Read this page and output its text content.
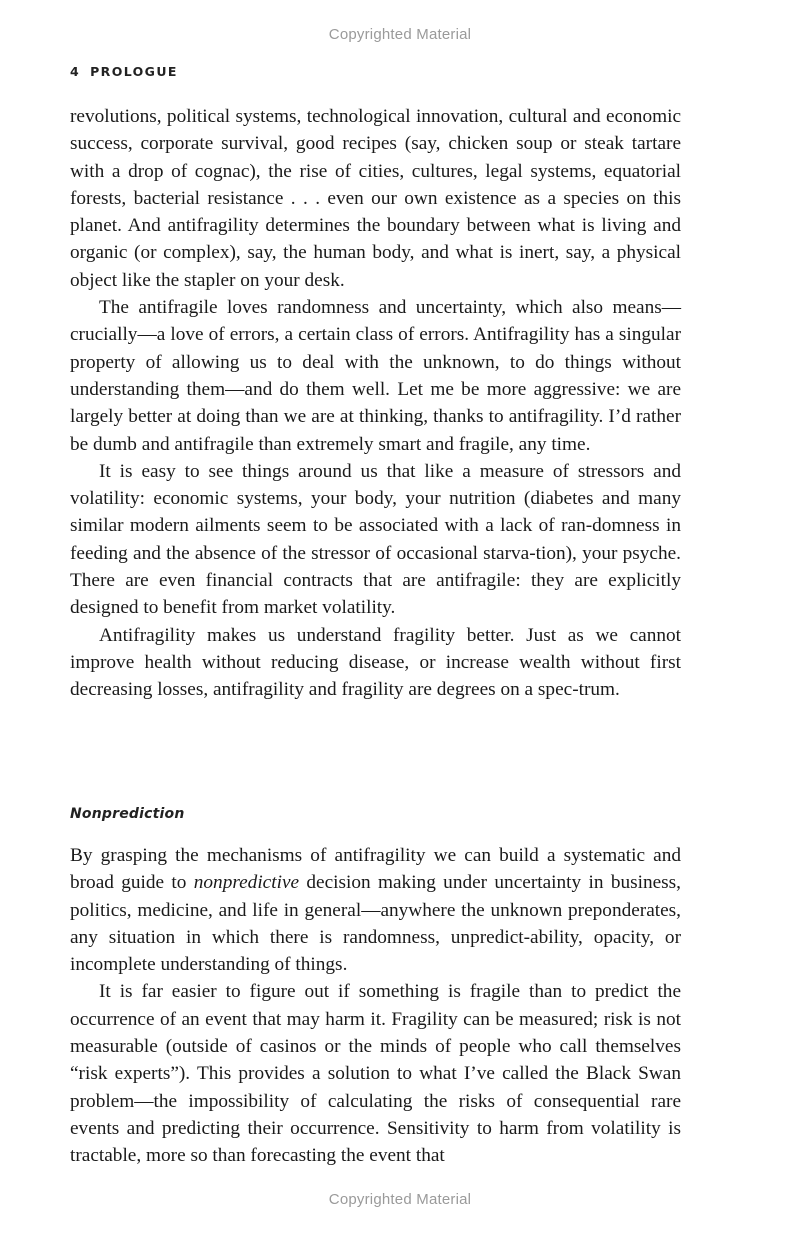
Copyrighted Material
4 PROLOGUE

revolutions, political systems, technological innovation, cultural and economic success, corporate survival, good recipes (say, chicken soup or steak tartare with a drop of cognac), the rise of cities, cultures, legal systems, equatorial forests, bacterial resistance . . . even our own existence as a species on this planet. And antifragility determines the boundary between what is living and organic (or complex), say, the human body, and what is inert, say, a physical object like the stapler on your desk.

The antifragile loves randomness and uncertainty, which also means—crucially—a love of errors, a certain class of errors. Antifragility has a singular property of allowing us to deal with the unknown, to do things without understanding them—and do them well. Let me be more aggressive: we are largely better at doing than we are at thinking, thanks to antifragility. I’d rather be dumb and antifragile than extremely smart and fragile, any time.

It is easy to see things around us that like a measure of stressors and volatility: economic systems, your body, your nutrition (diabetes and many similar modern ailments seem to be associated with a lack of ran-domness in feeding and the absence of the stressor of occasional starva-tion), your psyche. There are even financial contracts that are antifragile: they are explicitly designed to benefit from market volatility.

Antifragility makes us understand fragility better. Just as we cannot improve health without reducing disease, or increase wealth without first decreasing losses, antifragility and fragility are degrees on a spec-trum.

Nonprediction

By grasping the mechanisms of antifragility we can build a systematic and broad guide to nonpredictive decision making under uncertainty in business, politics, medicine, and life in general—anywhere the unknown preponderates, any situation in which there is randomness, unpredict-ability, opacity, or incomplete understanding of things.

It is far easier to figure out if something is fragile than to predict the occurrence of an event that may harm it. Fragility can be measured; risk is not measurable (outside of casinos or the minds of people who call themselves “risk experts”). This provides a solution to what I’ve called the Black Swan problem—the impossibility of calculating the risks of consequential rare events and predicting their occurrence. Sensitivity to harm from volatility is tractable, more so than forecasting the event that

Copyrighted Material
